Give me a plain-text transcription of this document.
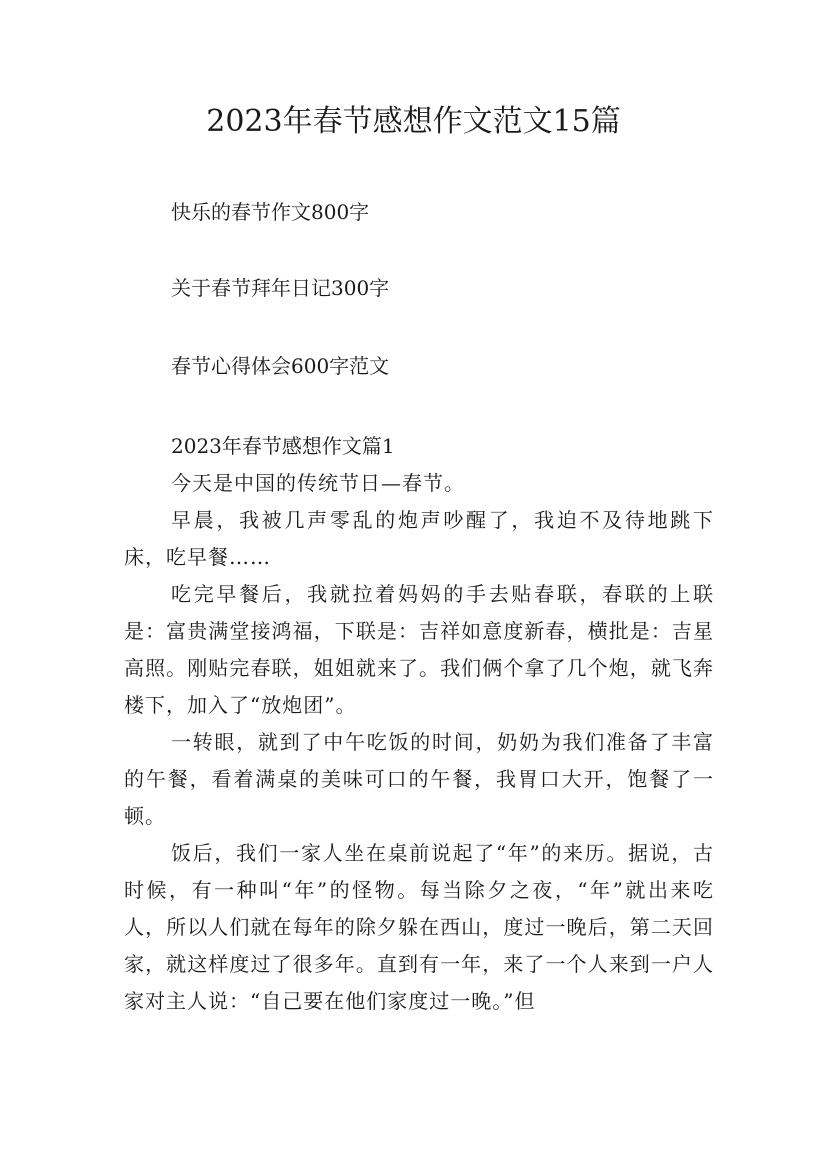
2023年春节感想作文范文15篇

快乐的春节作文800字

关于春节拜年日记300字

春节心得体会600字范文

2023年春节感想作文篇1

今天是中国的传统节日—春节。

早晨，我被几声零乱的炮声吵醒了，我迫不及待地跳下床，吃早餐……

吃完早餐后，我就拉着妈妈的手去贴春联，春联的上联是：富贵满堂接鸿福，下联是：吉祥如意度新春，横批是：吉星高照。刚贴完春联，姐姐就来了。我们俩个拿了几个炮，就飞奔楼下，加入了“放炮团”。

一转眼，就到了中午吃饭的时间，奶奶为我们准备了丰富的午餐，看着满桌的美味可口的午餐，我胃口大开，饱餐了一顿。

饭后，我们一家人坐在桌前说起了“年”的来历。据说，古时候，有一种叫“年”的怪物。每当除夕之夜，“年”就出来吃人，所以人们就在每年的除夕躲在西山，度过一晚后，第二天回家，就这样度过了很多年。直到有一年，来了一个人来到一户人家对主人说：“自己要在他们家度过一晚。”但
